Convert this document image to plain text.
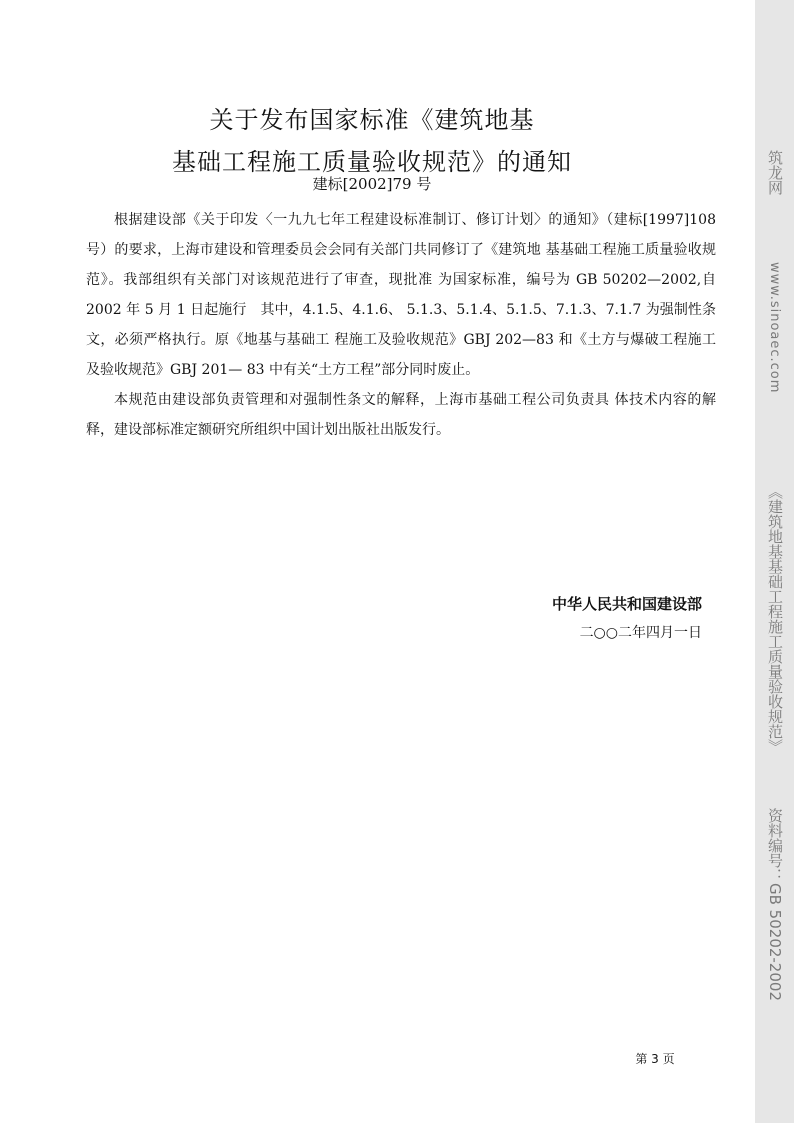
关于发布国家标准《建筑地基
基础工程施工质量验收规范》的通知
建标[2002]79 号

根据建设部《关于印发〈一九九七年工程建设标准制订、修订计划〉的通知》（建标[1997]108 号）的要求，上海市建设和管理委员会会同有关部门共同修订了《建筑地 基基础工程施工质量验收规范》。我部组织有关部门对该规范进行了审查，现批准 为国家标准，编号为 GB 50202—2002,自 2002 年 5 月 1 日起施行　其中，4.1.5、4.1.6、 5.1.3、5.1.4、5.1.5、7.1.3、7.1.7 为强制性条文，必须严格执行。原《地基与基础工 程施工及验收规范》GBJ 202—83 和《土方与爆破工程施工及验收规范》GBJ 201— 83 中有关“土方工程”部分同时废止。

本规范由建设部负责管理和对强制性条文的解释，上海市基础工程公司负责具 体技术内容的解释，建设部标准定额研究所组织中国计划出版社出版发行。

中华人民共和国建设部
二○○二年四月一日
第 3 页
筑龙网
www.sinoaec.com
《建筑地基基础工程施工质量验收规范》
资料编号：GB 50202-2002
